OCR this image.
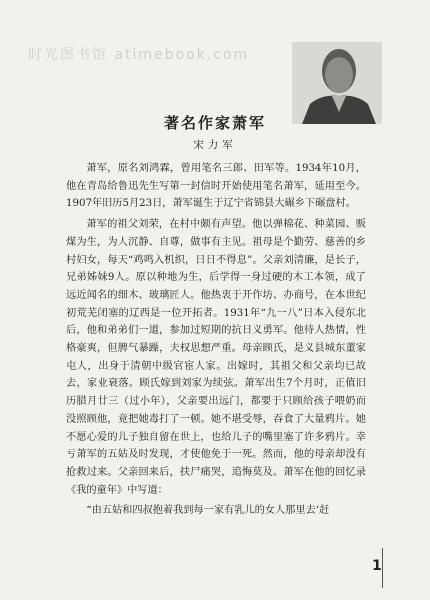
时光图书馆 atimebook.com
著名作家萧军
宋力军

萧军，原名刘鸿霖，曾用笔名三郎、田军等。1934年10月，他在青岛给鲁迅先生写第一封信时开始使用笔名萧军，延用至今。1907年旧历5月23日，萧军诞生于辽宁省锦县大碾乡下碾盘村。

萧军的祖父刘荣，在村中颇有声望。他以弹棉花、种菜园、贩煤为生，为人沉静、自尊，做事有主见。祖母是个勤劳、慈善的乡村妇女，每天“鸡鸣入机织，日日不得息”。父亲刘清廉，是长子，兄弟姊妹9人。原以种地为生，后学得一身过硬的木工本领，成了远近闻名的细木、玻璃匠人。他热衷于开作坊、办商号，在本世纪初荒芜闭塞的辽西是一位开拓者。1931年“九一八”日本入侵东北后，他和弟弟们一道，参加过短期的抗日义勇军。他待人热情，性格豪爽，但脾气暴躁，夫权思想严重。母亲顾氏，是义县城东董家屯人，出身于清朝中级官宦人家。出嫁时，其祖父和父亲均已故去，家业衰落。顾氏嫁到刘家为续弦。萧军出生7个月时，正值旧历腊月廿三（过小年），父亲要出远门，都要于只顾给孩子喂奶而没照顾他，竟把她毒打了一顿。她不堪受辱，吞食了大量鸦片。她不愿心爱的儿子独自留在世上，也给儿子的嘴里塞了许多鸦片。幸亏萧军的五姑及时发现，才使他免于一死。然而，他的母亲却没有抢救过来。父亲回来后，扶尸痛哭，追悔莫及。萧军在他的回忆录《我的童年》中写道：

“由五姑和四叔抱着我到每一家有乳儿的女人那里去‘赶

1
